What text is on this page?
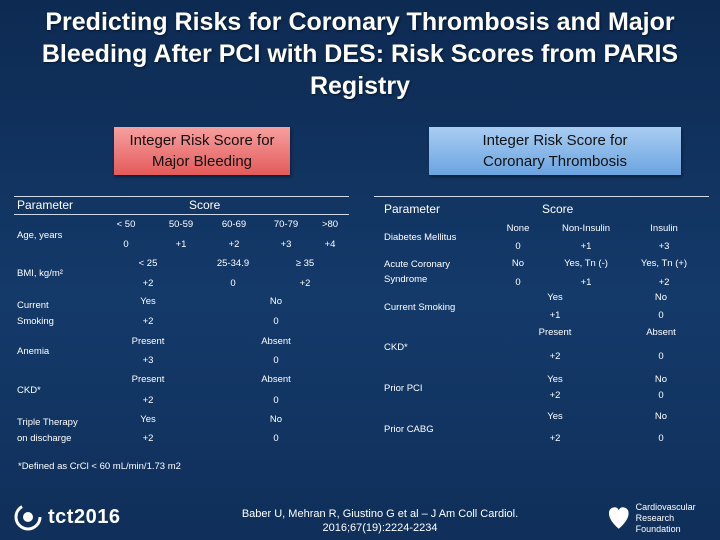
Predicting Risks for Coronary Thrombosis and Major Bleeding After PCI with DES: Risk Scores from PARIS Registry
Integer Risk Score for Major Bleeding
Integer Risk Score for Coronary Thrombosis
Parameter	Score
Age, years
< 50	50-59	60-69	70-79	>80
0	+1	+2	+3	+4
BMI, kg/m²
< 25	25-34.9	≥ 35
+2	0	+2
Current
Smoking
Yes	No
+2	0
Anemia
Present	Absent
+3	0
CKD*
Present	Absent
+2	0
Triple Therapy
on discharge
Yes	No
+2	0
Parameter	Score
Diabetes Mellitus
None	Non-Insulin	Insulin
0	+1	+3
Acute Coronary
Syndrome
No	Yes, Tn (-)	Yes, Tn (+)
0	+1	+2
Current Smoking
Yes	No
+1	0
CKD*
Present	Absent
+2	0
Prior PCI
Yes	No
+2	0
Prior CABG
Yes	No
+2	0
*Defined as CrCl < 60 mL/min/1.73 m2
Baber U, Mehran R, Giustino G et al – J Am Coll Cardiol. 2016;67(19):2224-2234
tct2016	Cardiovascular
Research Foundation
